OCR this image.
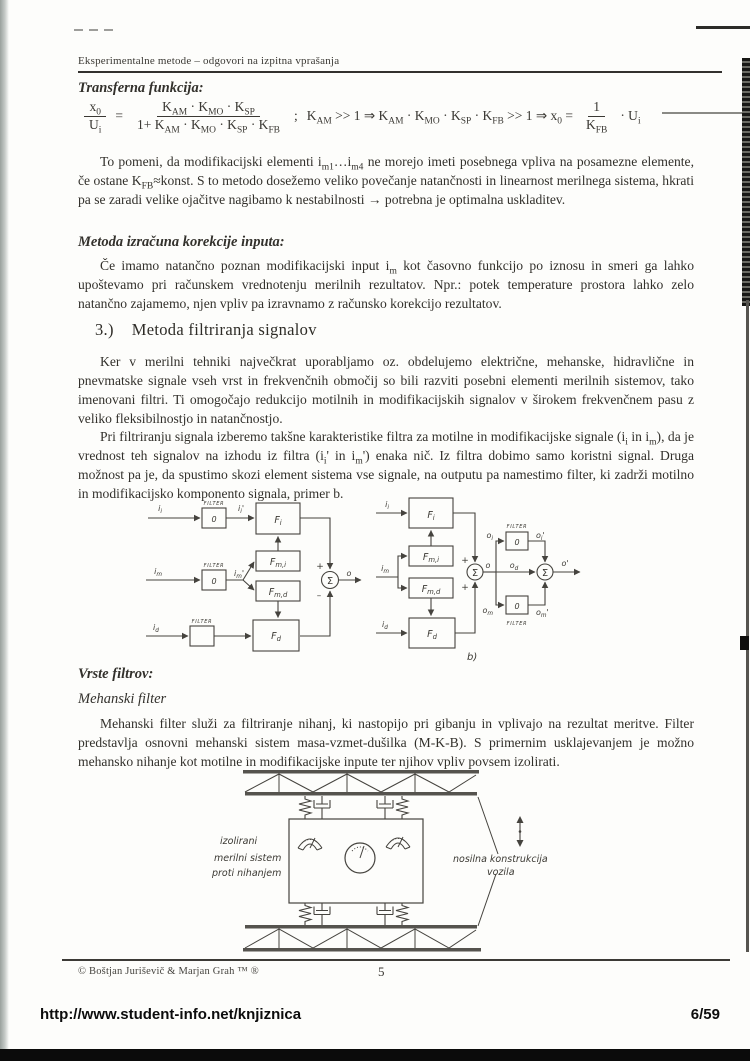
Eksperimentalne metode – odgovori na izpitna vprašanja
Transferna funkcija:
$\frac{x_0}{U_i} = \frac{K_{AM} \cdot K_{MO} \cdot K_{SP}}{1+ K_{AM} \cdot K_{MO} \cdot K_{SP} \cdot K_{FB}}$ ; $K_{AM} >> 1$ ⇒ $K_{AM} \cdot K_{MO} \cdot K_{SP} \cdot K_{FB} >> 1$ ⇒ $x_0 = \frac{1}{K_{FB}} \cdot U_i$

To pomeni, da modifikacijski elementi $i_{m1}\dots i_{m4}$ ne morejo imeti posebnega vpliva na posamezne elemente, če ostane $K_{FB}\approx konst$. S to metodo dosežemo veliko povečanje natančnosti in linearnost merilnega sistema, hkrati pa se zaradi velike ojačitve nagibamo k nestabilnosti → potrebna je optimalna uskladitev.

Metoda izračuna korekcije inputa:

Če imamo natančno poznan modifikacijski input $i_m$ kot časovno funkcijo po iznosu in smeri ga lahko upoštevamo pri računskem vrednotenju merilnih rezultatov. Npr.: potek temperature prostora lahko zelo natančno zajamemo, njen vpliv pa izravnamo z računsko korekcijo rezultatov.

3.) Metoda filtriranja signalov

Ker v merilni tehniki največkrat uporabljamo oz. obdelujemo električne, mehanske, hidravlične in pnevmatske signale vseh vrst in frekvenčnih območij so bili razviti posebni elementi merilnih sistemov, tako imenovani filtri. Ti omogočajo redukcijo motilnih in modifikacijskih signalov v širokem frekvenčnem pasu z veliko fleksibilnostjo in natančnostjo.

Pri filtriranju signala izberemo takšne karakteristike filtra za motilne in modifikacijske signale ($i_i$ in $i_m$), da je vrednost teh signalov na izhodu iz filtra ($i_i'$ in $i_m'$) enaka nič. Iz filtra dobimo samo koristni signal. Druga možnost pa je, da spustimo skozi element sistema vse signale, na outputu pa namestimo filter, ki zadrži motilno in modifikacijsko komponento signala, primer b.

$i_i$
FILTER
0
$i_i'$
$F_i$
$i_m$
FILTER
0
$i_m'$
$F_{m,i}$
$F_{m,d}$
$i_d$
FILTER
$F_d$
+
–
Σ
o
$i_i$
$i_m$
$i_d$
$F_i$
$F_{m,i}$
$F_{m,d}$
$F_d$
+
+
Σ
o
$o_i$
FILTER
0
$o_i'$
$o_d$
$o_m$
0
FILTER
$o_m'$
Σ
o'
b)
Vrste filtrov:
Mehanski filter

Mehanski filter služi za filtriranje nihanj, ki nastopijo pri gibanju in vplivajo na rezultat meritve. Filter predstavlja osnovni mehanski sistem masa-vzmet-dušilka (M-K-B). S primernim usklajevanjem je možno mehansko nihanje kot motilne in modifikacijske inpute ter njihov vpliv povsem izolirati.

izolirani
merilni sistem
proti nihanjem
nosilna konstrukcija
vozila
© Boštjan Juriševič & Marjan Grah ™ ®	5
http://www.student-info.net/knjiznica	6/59
